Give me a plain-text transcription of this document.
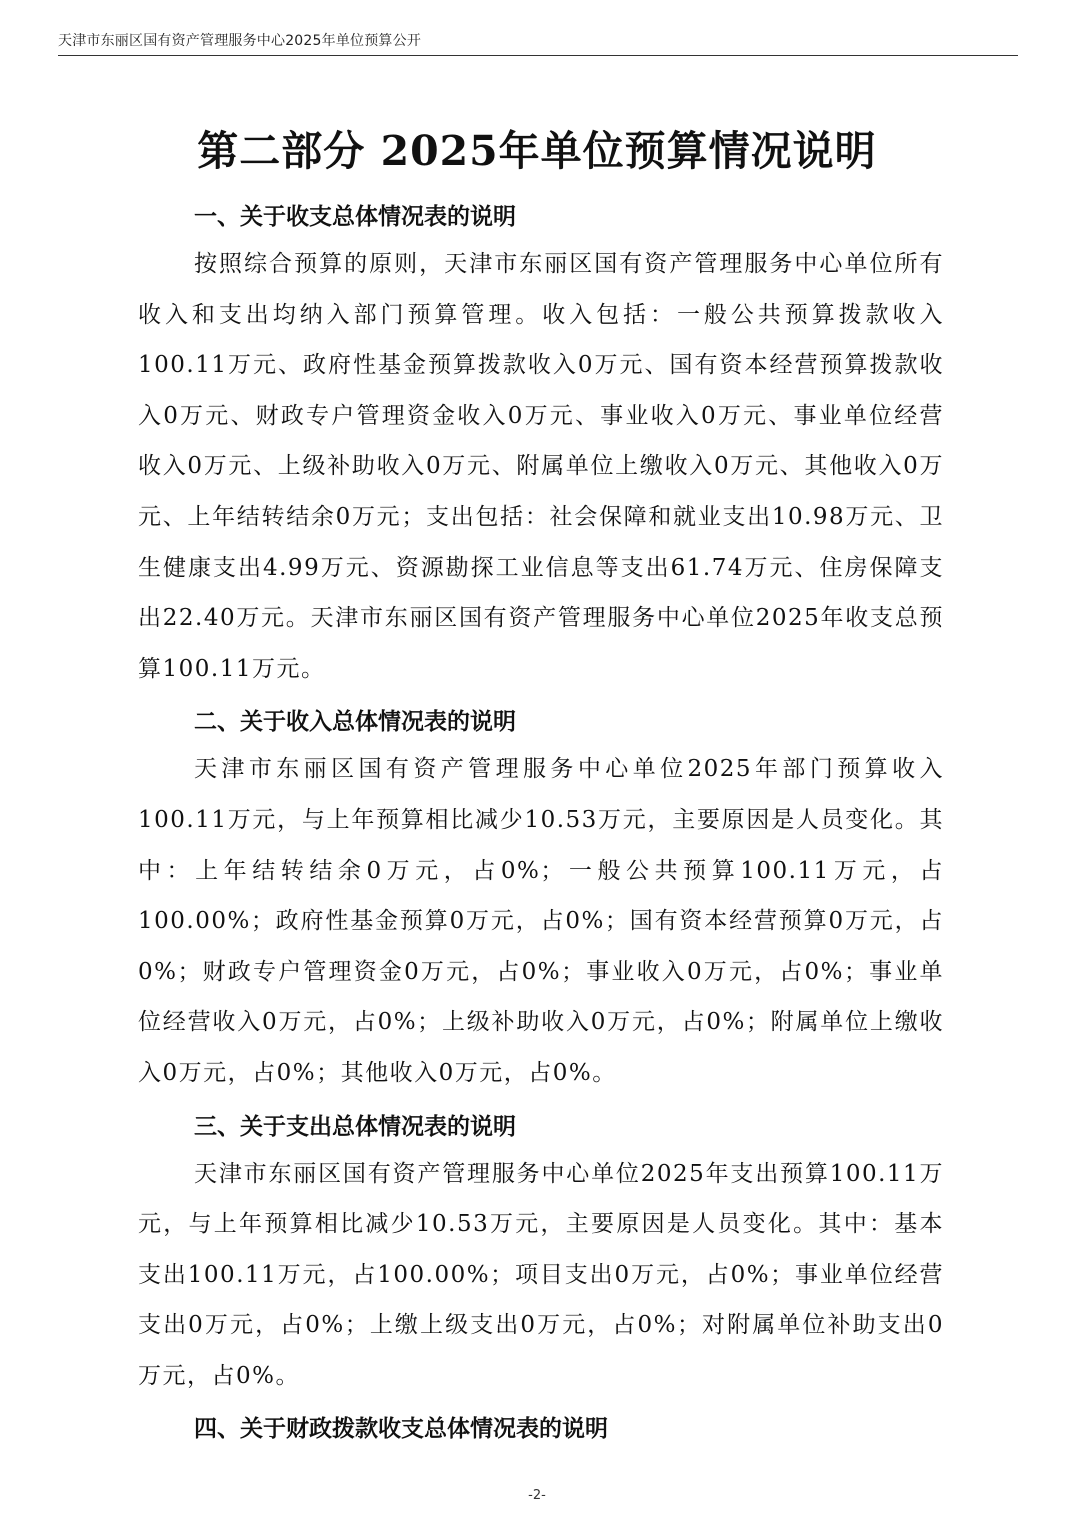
天津市东丽区国有资产管理服务中心2025年单位预算公开
第二部分 2025年单位预算情况说明
一、关于收支总体情况表的说明

按照综合预算的原则，天津市东丽区国有资产管理服务中心单位所有收入和支出均纳入部门预算管理。收入包括：一般公共预算拨款收入100.11万元、政府性基金预算拨款收入0万元、国有资本经营预算拨款收入0万元、财政专户管理资金收入0万元、事业收入0万元、事业单位经营收入0万元、上级补助收入0万元、附属单位上缴收入0万元、其他收入0万元、上年结转结余0万元；支出包括：社会保障和就业支出10.98万元、卫生健康支出4.99万元、资源勘探工业信息等支出61.74万元、住房保障支出22.40万元。天津市东丽区国有资产管理服务中心单位2025年收支总预算100.11万元。

二、关于收入总体情况表的说明

天津市东丽区国有资产管理服务中心单位2025年部门预算收入100.11万元，与上年预算相比减少10.53万元，主要原因是人员变化。其中：上年结转结余0万元，占0%；一般公共预算100.11万元，占100.00%；政府性基金预算0万元，占0%；国有资本经营预算0万元，占0%；财政专户管理资金0万元，占0%；事业收入0万元，占0%；事业单位经营收入0万元，占0%；上级补助收入0万元，占0%；附属单位上缴收入0万元，占0%；其他收入0万元，占0%。

三、关于支出总体情况表的说明

天津市东丽区国有资产管理服务中心单位2025年支出预算100.11万元，与上年预算相比减少10.53万元，主要原因是人员变化。其中：基本支出100.11万元，占100.00%；项目支出0万元，占0%；事业单位经营支出0万元，占0%；上缴上级支出0万元，占0%；对附属单位补助支出0万元，占0%。

四、关于财政拨款收支总体情况表的说明
-2-
